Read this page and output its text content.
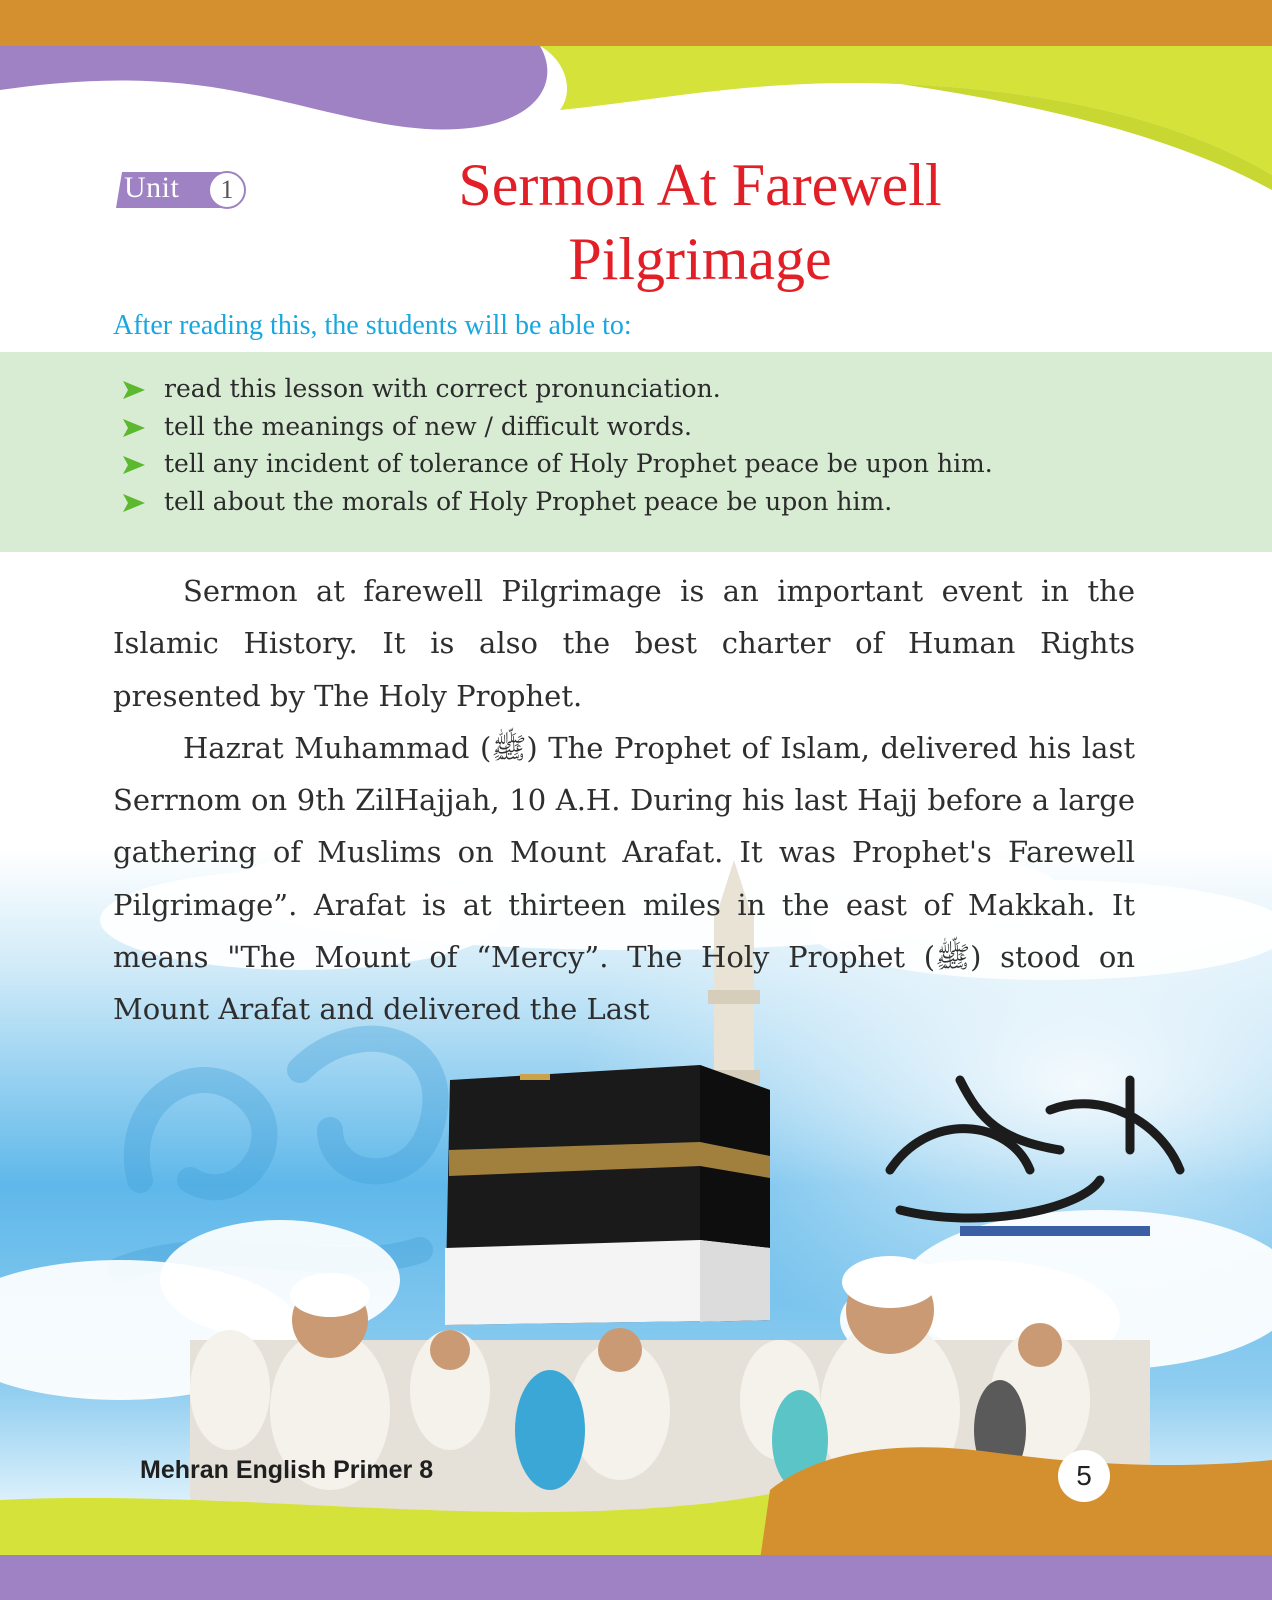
Unit	1	Sermon At Farewell
Pilgrimage

After reading this, the students will be able to:

read this lesson with correct pronunciation.
tell the meanings of new / difficult words.
tell any incident of tolerance of Holy Prophet peace be upon him.
tell about the morals of Holy Prophet peace be upon him.

Sermon at farewell Pilgrimage is an important event in the Islamic History. It is also the best charter of Human Rights presented by The Holy Prophet.

Hazrat Muhammad (ﷺ) The Prophet of Islam, delivered his last Serrnom on 9th ZilHajjah, 10 A.H. During his last Hajj before a large gathering of Muslims on Mount Arafat. It was Prophet's Farewell Pilgrimage”. Arafat is at thirteen miles in the east of Makkah. It means "The Mount of “Mercy”. The Holy Prophet (ﷺ) stood on Mount Arafat and delivered the Last

Mehran English Primer 8	5
